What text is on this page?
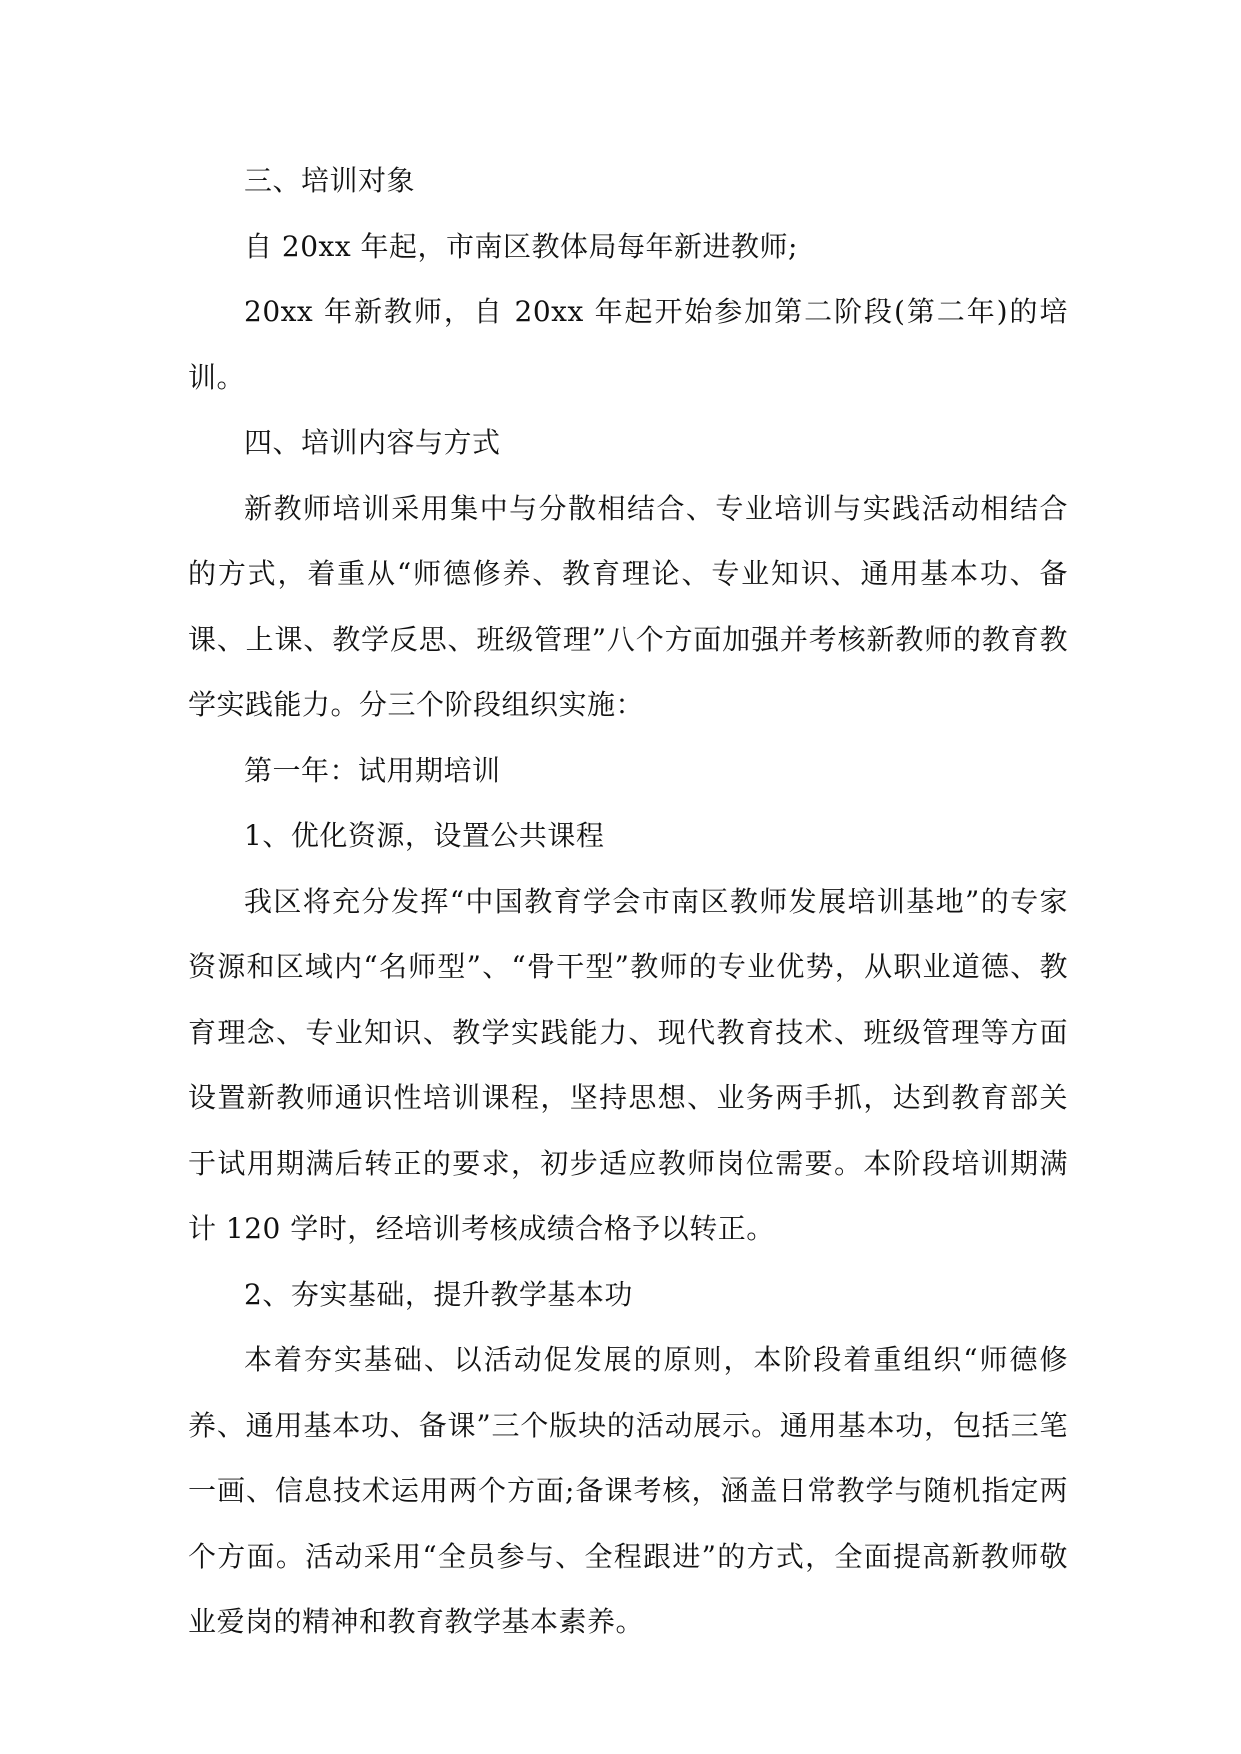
三、培训对象

自 20xx 年起，市南区教体局每年新进教师;

20xx 年新教师，自 20xx 年起开始参加第二阶段(第二年)的培训。

四、培训内容与方式

新教师培训采用集中与分散相结合、专业培训与实践活动相结合的方式，着重从“师德修养、教育理论、专业知识、通用基本功、备课、上课、教学反思、班级管理”八个方面加强并考核新教师的教育教学实践能力。分三个阶段组织实施：

第一年：试用期培训

1、优化资源，设置公共课程

我区将充分发挥“中国教育学会市南区教师发展培训基地”的专家资源和区域内“名师型”、“骨干型”教师的专业优势，从职业道德、教育理念、专业知识、教学实践能力、现代教育技术、班级管理等方面设置新教师通识性培训课程，坚持思想、业务两手抓，达到教育部关于试用期满后转正的要求，初步适应教师岗位需要。本阶段培训期满计 120 学时，经培训考核成绩合格予以转正。

2、夯实基础，提升教学基本功

本着夯实基础、以活动促发展的原则，本阶段着重组织“师德修养、通用基本功、备课”三个版块的活动展示。通用基本功，包括三笔一画、信息技术运用两个方面;备课考核，涵盖日常教学与随机指定两个方面。活动采用“全员参与、全程跟进”的方式，全面提高新教师敬业爱岗的精神和教育教学基本素养。
